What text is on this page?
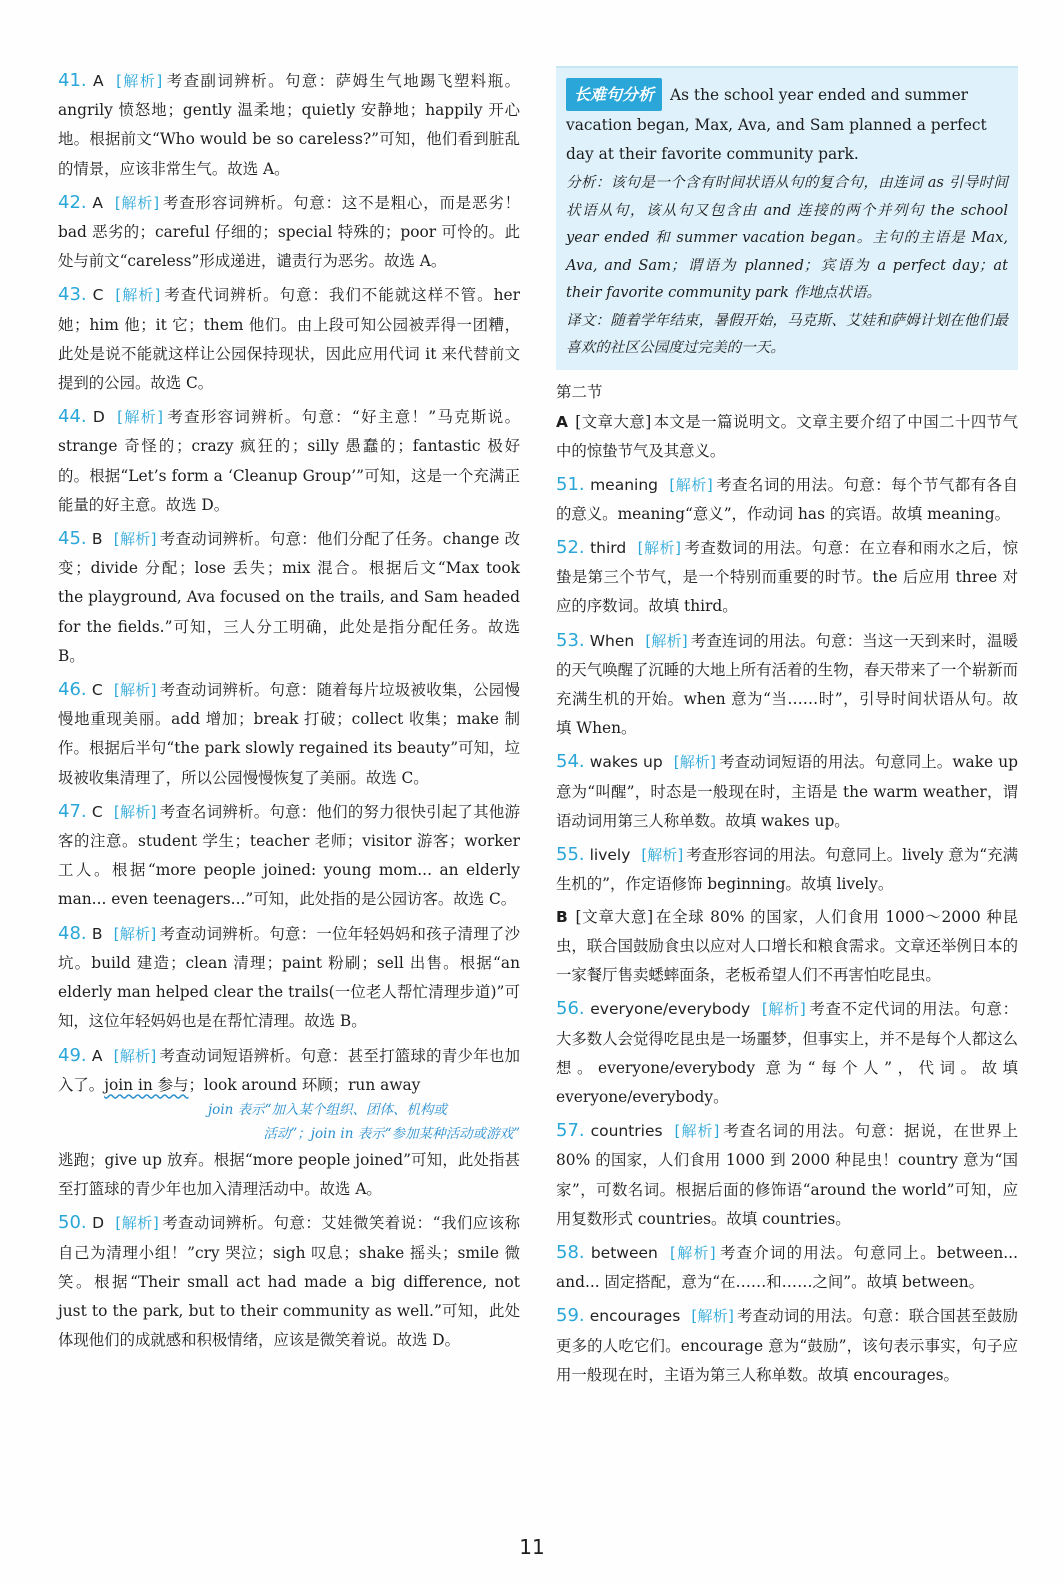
41. A [解析] 考查副词辨析。句意：萨姆生气地踢飞塑料瓶。angrily 愤怒地；gently 温柔地；quietly 安静地；happily 开心地。根据前文“Who would be so careless?”可知，他们看到脏乱的情景，应该非常生气。故选 A。
42. A [解析] 考查形容词辨析。句意：这不是粗心，而是恶劣！bad 恶劣的；careful 仔细的；special 特殊的；poor 可怜的。此处与前文“careless”形成递进，谴责行为恶劣。故选 A。
43. C [解析] 考查代词辨析。句意：我们不能就这样不管。her 她；him 他；it 它；them 他们。由上段可知公园被弄得一团糟，此处是说不能就这样让公园保持现状，因此应用代词 it 来代替前文提到的公园。故选 C。
44. D [解析] 考查形容词辨析。句意：“好主意！”马克斯说。strange 奇怪的；crazy 疯狂的；silly 愚蠢的；fantastic 极好的。根据“Let’s form a ‘Cleanup Group’”可知，这是一个充满正能量的好主意。故选 D。
45. B [解析] 考查动词辨析。句意：他们分配了任务。change 改变；divide 分配；lose 丢失；mix 混合。根据后文“Max took the playground, Ava focused on the trails, and Sam headed for the fields.”可知，三人分工明确，此处是指分配任务。故选 B。
46. C [解析] 考查动词辨析。句意：随着每片垃圾被收集，公园慢慢地重现美丽。add 增加；break 打破；collect 收集；make 制作。根据后半句“the park slowly regained its beauty”可知，垃圾被收集清理了，所以公园慢慢恢复了美丽。故选 C。
47. C [解析] 考查名词辨析。句意：他们的努力很快引起了其他游客的注意。student 学生；teacher 老师；visitor 游客；worker 工人。根据“more people joined: young mom... an elderly man... even teenagers...”可知，此处指的是公园访客。故选 C。
48. B [解析] 考查动词辨析。句意：一位年轻妈妈和孩子清理了沙坑。build 建造；clean 清理；paint 粉刷；sell 出售。根据“an elderly man helped clear the trails(一位老人帮忙清理步道)”可知，这位年轻妈妈也是在帮忙清理。故选 B。
49. A [解析] 考查动词短语辨析。句意：甚至打篮球的青少年也加入了。join in 参与；look around 环顾；run away
join 表示“加入某个组织、团体、机构或
活动”；join in 表示“参加某种活动或游戏”
逃跑；give up 放弃。根据“more people joined”可知，此处指甚至打篮球的青少年也加入清理活动中。故选 A。
50. D [解析] 考查动词辨析。句意：艾娃微笑着说：“我们应该称自己为清理小组！”cry 哭泣；sigh 叹息；shake 摇头；smile 微笑。根据“Their small act had made a big difference, not just to the park, but to their community as well.”可知，此处体现他们的成就感和积极情绪，应该是微笑着说。故选 D。
长难句分析 As the school year ended and summer vacation began, Max, Ava, and Sam planned a perfect day at their favorite community park.
分析：该句是一个含有时间状语从句的复合句，由连词 as 引导时间状语从句，该从句又包含由 and 连接的两个并列句 the school year ended 和 summer vacation began。主句的主语是 Max, Ava, and Sam；谓语为 planned；宾语为 a perfect day；at their favorite community park 作地点状语。
译文：随着学年结束，暑假开始，马克斯、艾娃和萨姆计划在他们最喜欢的社区公园度过完美的一天。
第二节
A [文章大意] 本文是一篇说明文。文章主要介绍了中国二十四节气中的惊蛰节气及其意义。
51. meaning [解析] 考查名词的用法。句意：每个节气都有各自的意义。meaning“意义”，作动词 has 的宾语。故填 meaning。
52. third [解析] 考查数词的用法。句意：在立春和雨水之后，惊蛰是第三个节气，是一个特别而重要的时节。the 后应用 three 对应的序数词。故填 third。
53. When [解析] 考查连词的用法。句意：当这一天到来时，温暖的天气唤醒了沉睡的大地上所有活着的生物，春天带来了一个崭新而充满生机的开始。when 意为“当……时”，引导时间状语从句。故填 When。
54. wakes up [解析] 考查动词短语的用法。句意同上。wake up 意为“叫醒”，时态是一般现在时，主语是 the warm weather，谓语动词用第三人称单数。故填 wakes up。
55. lively [解析] 考查形容词的用法。句意同上。lively 意为“充满生机的”，作定语修饰 beginning。故填 lively。
B [文章大意] 在全球 80% 的国家，人们食用 1000～2000 种昆虫，联合国鼓励食虫以应对人口增长和粮食需求。文章还举例日本的一家餐厅售卖蟋蟀面条，老板希望人们不再害怕吃昆虫。
56. everyone/everybody [解析] 考查不定代词的用法。句意：大多数人会觉得吃昆虫是一场噩梦，但事实上，并不是每个人都这么想。everyone/everybody 意为“每个人”，代词。故填 everyone/everybody。
57. countries [解析] 考查名词的用法。句意：据说，在世界上 80% 的国家，人们食用 1000 到 2000 种昆虫！country 意为“国家”，可数名词。根据后面的修饰语“around the world”可知，应用复数形式 countries。故填 countries。
58. between [解析] 考查介词的用法。句意同上。between... and... 固定搭配，意为“在……和……之间”。故填 between。
59. encourages [解析] 考查动词的用法。句意：联合国甚至鼓励更多的人吃它们。encourage 意为“鼓励”，该句表示事实，句子应用一般现在时，主语为第三人称单数。故填 encourages。
11
